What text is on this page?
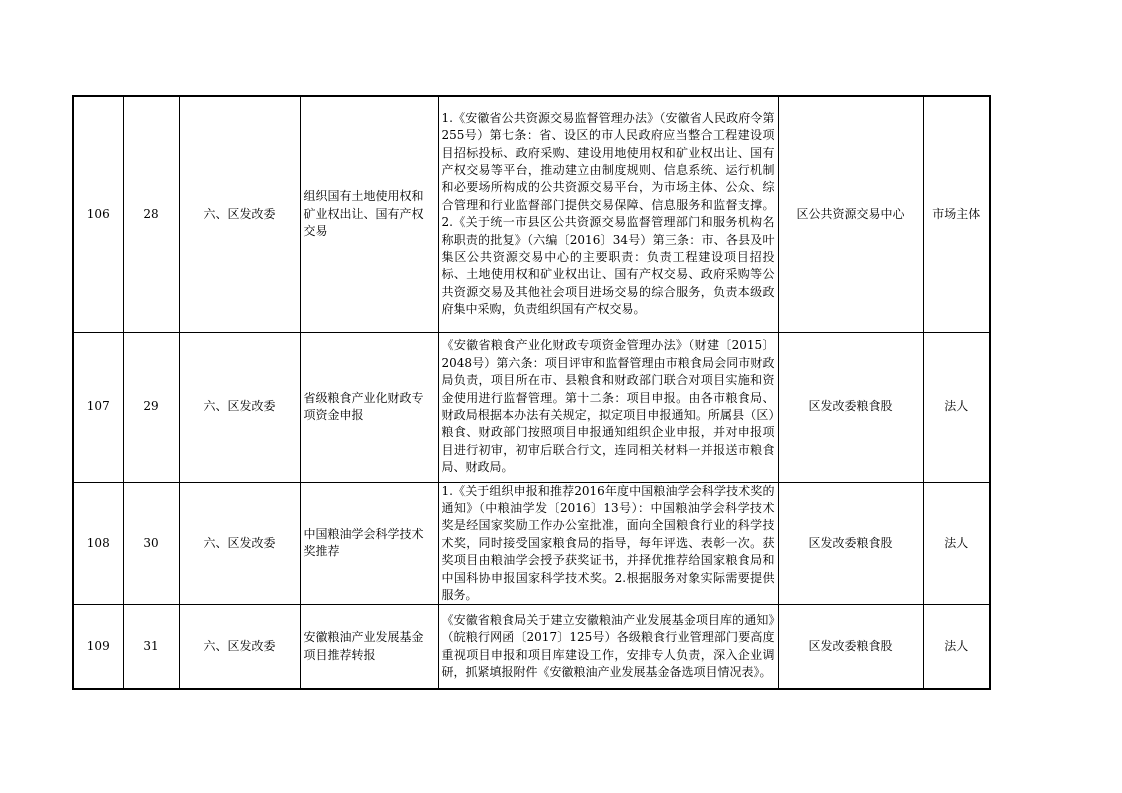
106	28	六、区发改委	组织国有土地使用权和矿业权出让、国有产权交易	1.《安徽省公共资源交易监督管理办法》（安徽省人民政府令第255号）第七条：省、设区的市人民政府应当整合工程建设项目招标投标、政府采购、建设用地使用权和矿业权出让、国有产权交易等平台，推动建立由制度规则、信息系统、运行机制和必要场所构成的公共资源交易平台，为市场主体、公众、综合管理和行业监督部门提供交易保障、信息服务和监督支撑。2.《关于统一市县区公共资源交易监督管理部门和服务机构名称职责的批复》（六编〔2016〕34号）第三条：市、各县及叶集区公共资源交易中心的主要职责：负责工程建设项目招投标、土地使用权和矿业权出让、国有产权交易、政府采购等公共资源交易及其他社会项目进场交易的综合服务，负责本级政府集中采购，负责组织国有产权交易。	区公共资源交易中心	市场主体
107	29	六、区发改委	省级粮食产业化财政专项资金申报	《安徽省粮食产业化财政专项资金管理办法》（财建〔2015〕2048号）第六条：项目评审和监督管理由市粮食局会同市财政局负责，项目所在市、县粮食和财政部门联合对项目实施和资金使用进行监督管理。第十二条：项目申报。由各市粮食局、财政局根据本办法有关规定，拟定项目申报通知。所属县（区）粮食、财政部门按照项目申报通知组织企业申报，并对申报项目进行初审，初审后联合行文，连同相关材料一并报送市粮食局、财政局。	区发改委粮食股	法人
108	30	六、区发改委	中国粮油学会科学技术奖推荐	1.《关于组织申报和推荐2016年度中国粮油学会科学技术奖的通知》（中粮油学发〔2016〕13号）：中国粮油学会科学技术奖是经国家奖励工作办公室批准，面向全国粮食行业的科学技术奖，同时接受国家粮食局的指导，每年评选、表彰一次。获奖项目由粮油学会授予获奖证书，并择优推荐给国家粮食局和中国科协申报国家科学技术奖。2.根据服务对象实际需要提供服务。	区发改委粮食股	法人
109	31	六、区发改委	安徽粮油产业发展基金项目推荐转报	《安徽省粮食局关于建立安徽粮油产业发展基金项目库的通知》（皖粮行网函〔2017〕125号）各级粮食行业管理部门要高度重视项目申报和项目库建设工作，安排专人负责，深入企业调研，抓紧填报附件《安徽粮油产业发展基金备选项目情况表》。	区发改委粮食股	法人
